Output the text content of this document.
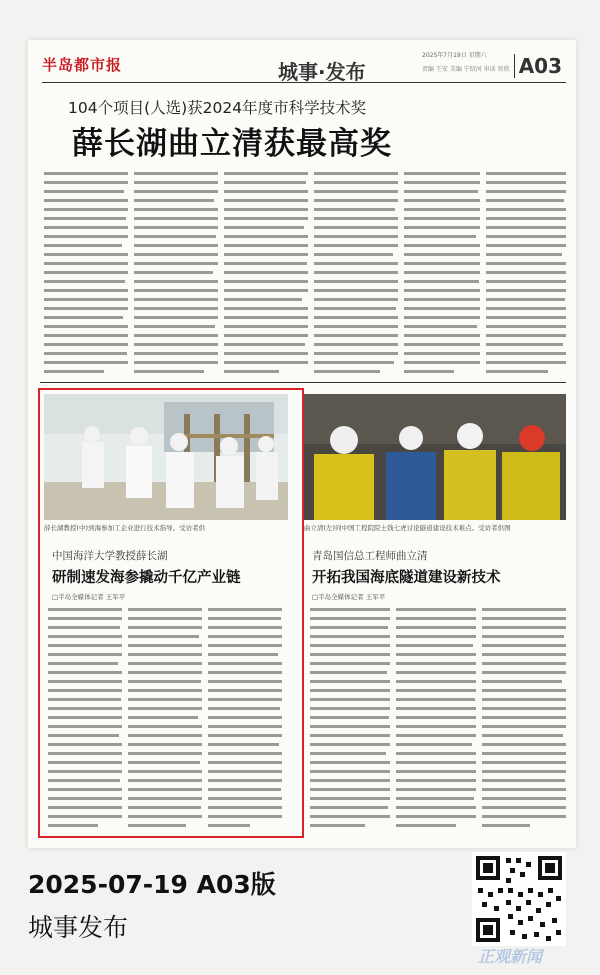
半岛都市报	城事·发布
2025年7月19日 星期六
责编 王安 美编 宁绍河 审读 智欣 A03
104个项目(人选)获2024年度市科学技术奖
薛长湖曲立清获最高奖
薛长湖教授(中)到海参加工企业进行技术指导。受访者供	曲立清(左)同中国工程院院士钱七虎讨论隧道建设技术难点。受访者供图
中国海洋大学教授薛长湖
研制速发海参撬动千亿产业链
□半岛全媒体记者 王军平
青岛国信总工程师曲立清
开拓我国海底隧道建设新技术
□半岛全媒体记者 王军平
2025-07-19 A03版
城事发布
正观新闻
